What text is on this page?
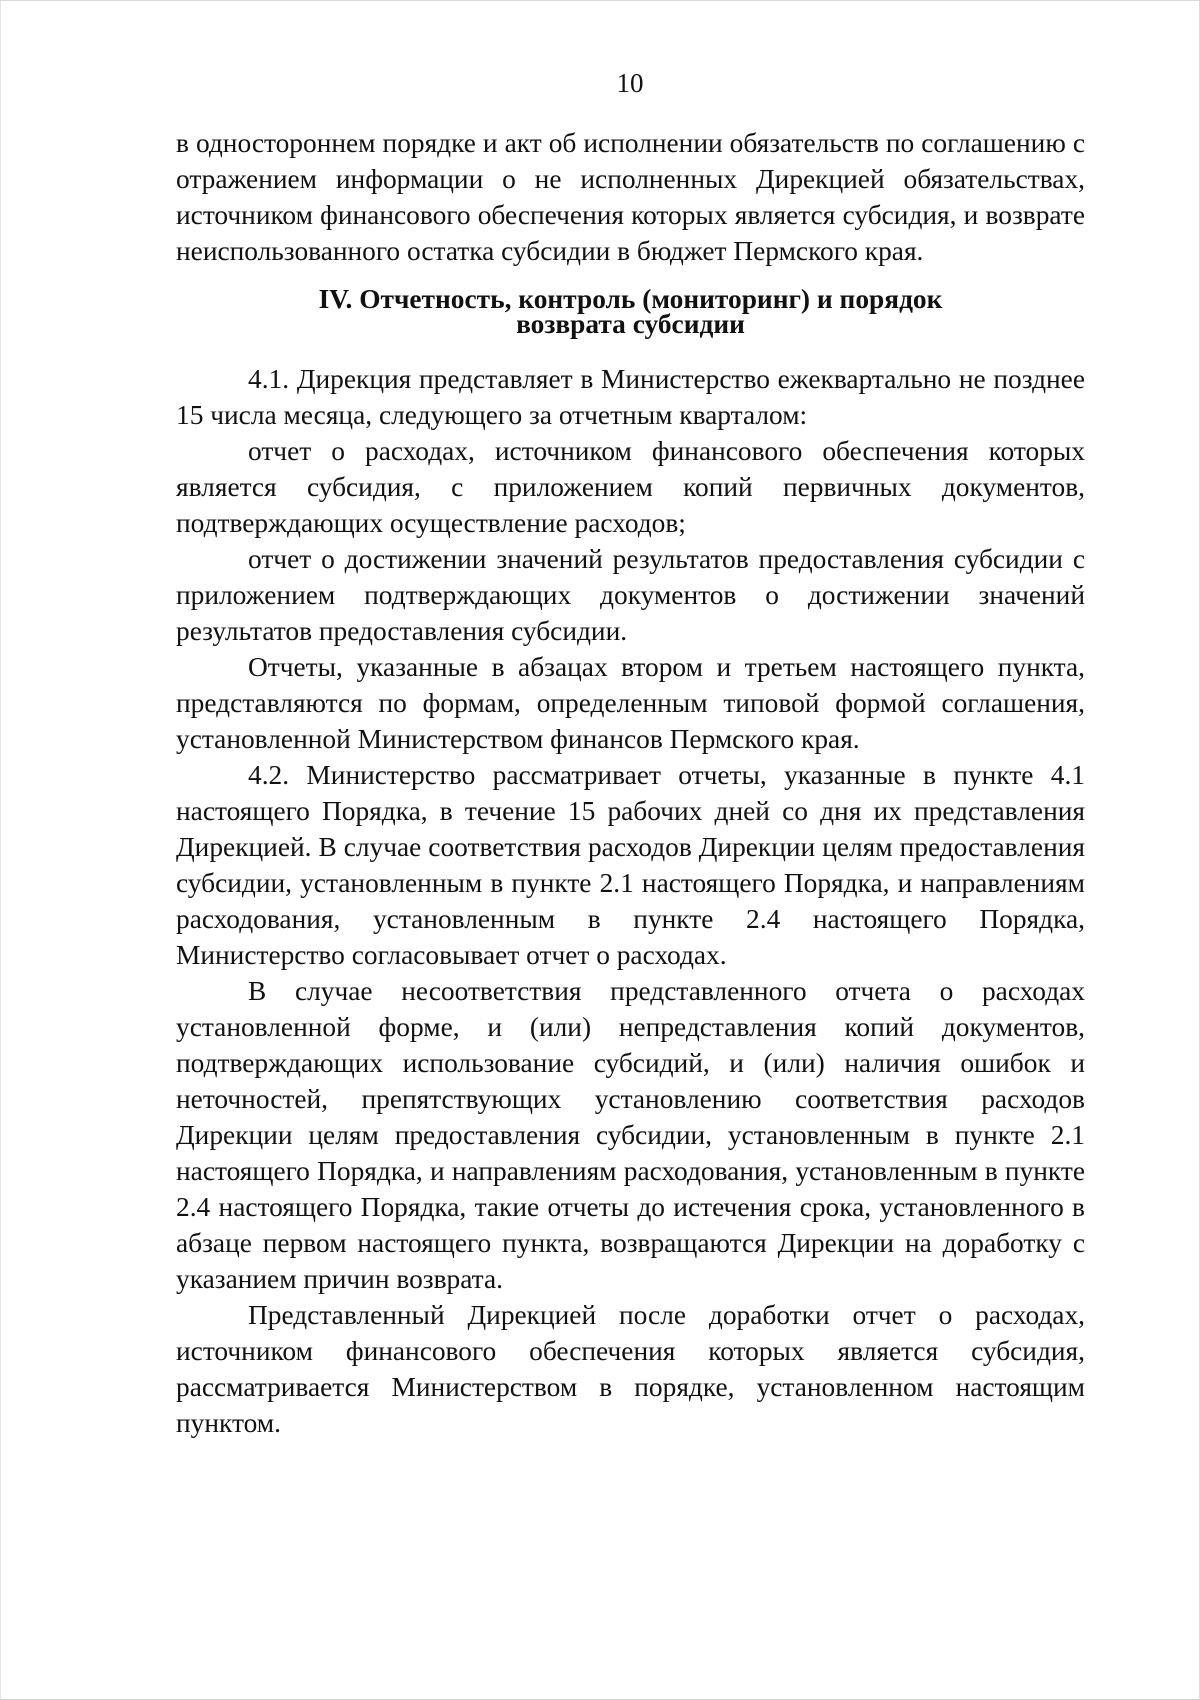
10

в одностороннем порядке и акт об исполнении обязательств по соглашению с отражением информации о не исполненных Дирекцией обязательствах, источником финансового обеспечения которых является субсидия, и возврате неиспользованного остатка субсидии в бюджет Пермского края.

IV. Отчетность, контроль (мониторинг) и порядок
возврата субсидии

4.1. Дирекция представляет в Министерство ежеквартально не позднее 15 числа месяца, следующего за отчетным кварталом:

отчет о расходах, источником финансового обеспечения которых является субсидия, с приложением копий первичных документов, подтверждающих осуществление расходов;

отчет о достижении значений результатов предоставления субсидии с приложением подтверждающих документов о достижении значений результатов предоставления субсидии.

Отчеты, указанные в абзацах втором и третьем настоящего пункта, представляются по формам, определенным типовой формой соглашения, установленной Министерством финансов Пермского края.

4.2. Министерство рассматривает отчеты, указанные в пункте 4.1 настоящего Порядка, в течение 15 рабочих дней со дня их представления Дирекцией. В случае соответствия расходов Дирекции целям предоставления субсидии, установленным в пункте 2.1 настоящего Порядка, и направлениям расходования, установленным в пункте 2.4 настоящего Порядка, Министерство согласовывает отчет о расходах.

В случае несоответствия представленного отчета о расходах установленной форме, и (или) непредставления копий документов, подтверждающих использование субсидий, и (или) наличия ошибок и неточностей, препятствующих установлению соответствия расходов Дирекции целям предоставления субсидии, установленным в пункте 2.1 настоящего Порядка, и направлениям расходования, установленным в пункте 2.4 настоящего Порядка, такие отчеты до истечения срока, установленного в абзаце первом настоящего пункта, возвращаются Дирекции на доработку с указанием причин возврата.

Представленный Дирекцией после доработки отчет о расходах, источником финансового обеспечения которых является субсидия, рассматривается Министерством в порядке, установленном настоящим пунктом.
